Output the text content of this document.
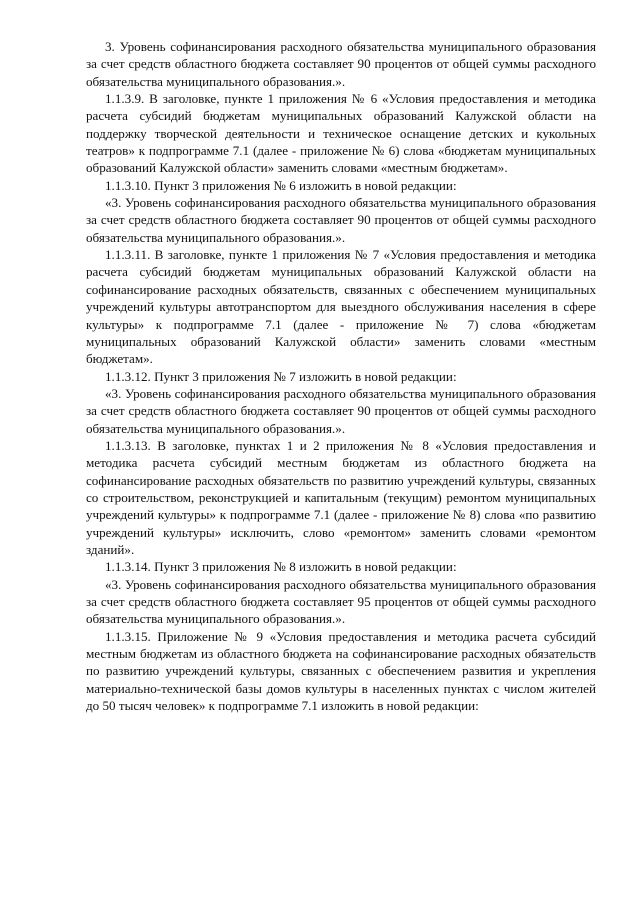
3. Уровень софинансирования расходного обязательства муниципального образования за счет средств областного бюджета составляет 90 процентов от общей суммы расходного обязательства муниципального образования.».

1.1.3.9. В заголовке, пункте 1 приложения № 6 «Условия предоставления и методика расчета субсидий бюджетам муниципальных образований Калужской области на поддержку творческой деятельности и техническое оснащение детских и кукольных театров» к подпрограмме 7.1 (далее - приложение № 6) слова «бюджетам муниципальных образований Калужской области» заменить словами «местным бюджетам».

1.1.3.10. Пункт 3 приложения № 6 изложить в новой редакции:

«3. Уровень софинансирования расходного обязательства муниципального образования за счет средств областного бюджета составляет 90 процентов от общей суммы расходного обязательства муниципального образования.».

1.1.3.11. В заголовке, пункте 1 приложения № 7 «Условия предоставления и методика расчета субсидий бюджетам муниципальных образований Калужской области на софинансирование расходных обязательств, связанных с обеспечением муниципальных учреждений культуры автотранспортом для выездного обслуживания населения в сфере культуры» к подпрограмме 7.1 (далее - приложение № 7) слова «бюджетам муниципальных образований Калужской области» заменить словами «местным бюджетам».

1.1.3.12. Пункт 3 приложения № 7 изложить в новой редакции:

«3. Уровень софинансирования расходного обязательства муниципального образования за счет средств областного бюджета составляет 90 процентов от общей суммы расходного обязательства муниципального образования.».

1.1.3.13. В заголовке, пунктах 1 и 2 приложения № 8 «Условия предоставления и методика расчета субсидий местным бюджетам из областного бюджета на софинансирование расходных обязательств по развитию учреждений культуры, связанных со строительством, реконструкцией и капитальным (текущим) ремонтом муниципальных учреждений культуры» к подпрограмме 7.1 (далее - приложение № 8) слова «по развитию учреждений культуры» исключить, слово «ремонтом» заменить словами «ремонтом зданий».

1.1.3.14. Пункт 3 приложения № 8 изложить в новой редакции:

«3. Уровень софинансирования расходного обязательства муниципального образования за счет средств областного бюджета составляет 95 процентов от общей суммы расходного обязательства муниципального образования.».

1.1.3.15. Приложение № 9 «Условия предоставления и методика расчета субсидий местным бюджетам из областного бюджета на софинансирование расходных обязательств по развитию учреждений культуры, связанных с обеспечением развития и укрепления материально-технической базы домов культуры в населенных пунктах с числом жителей до 50 тысяч человек» к подпрограмме 7.1 изложить в новой редакции:
